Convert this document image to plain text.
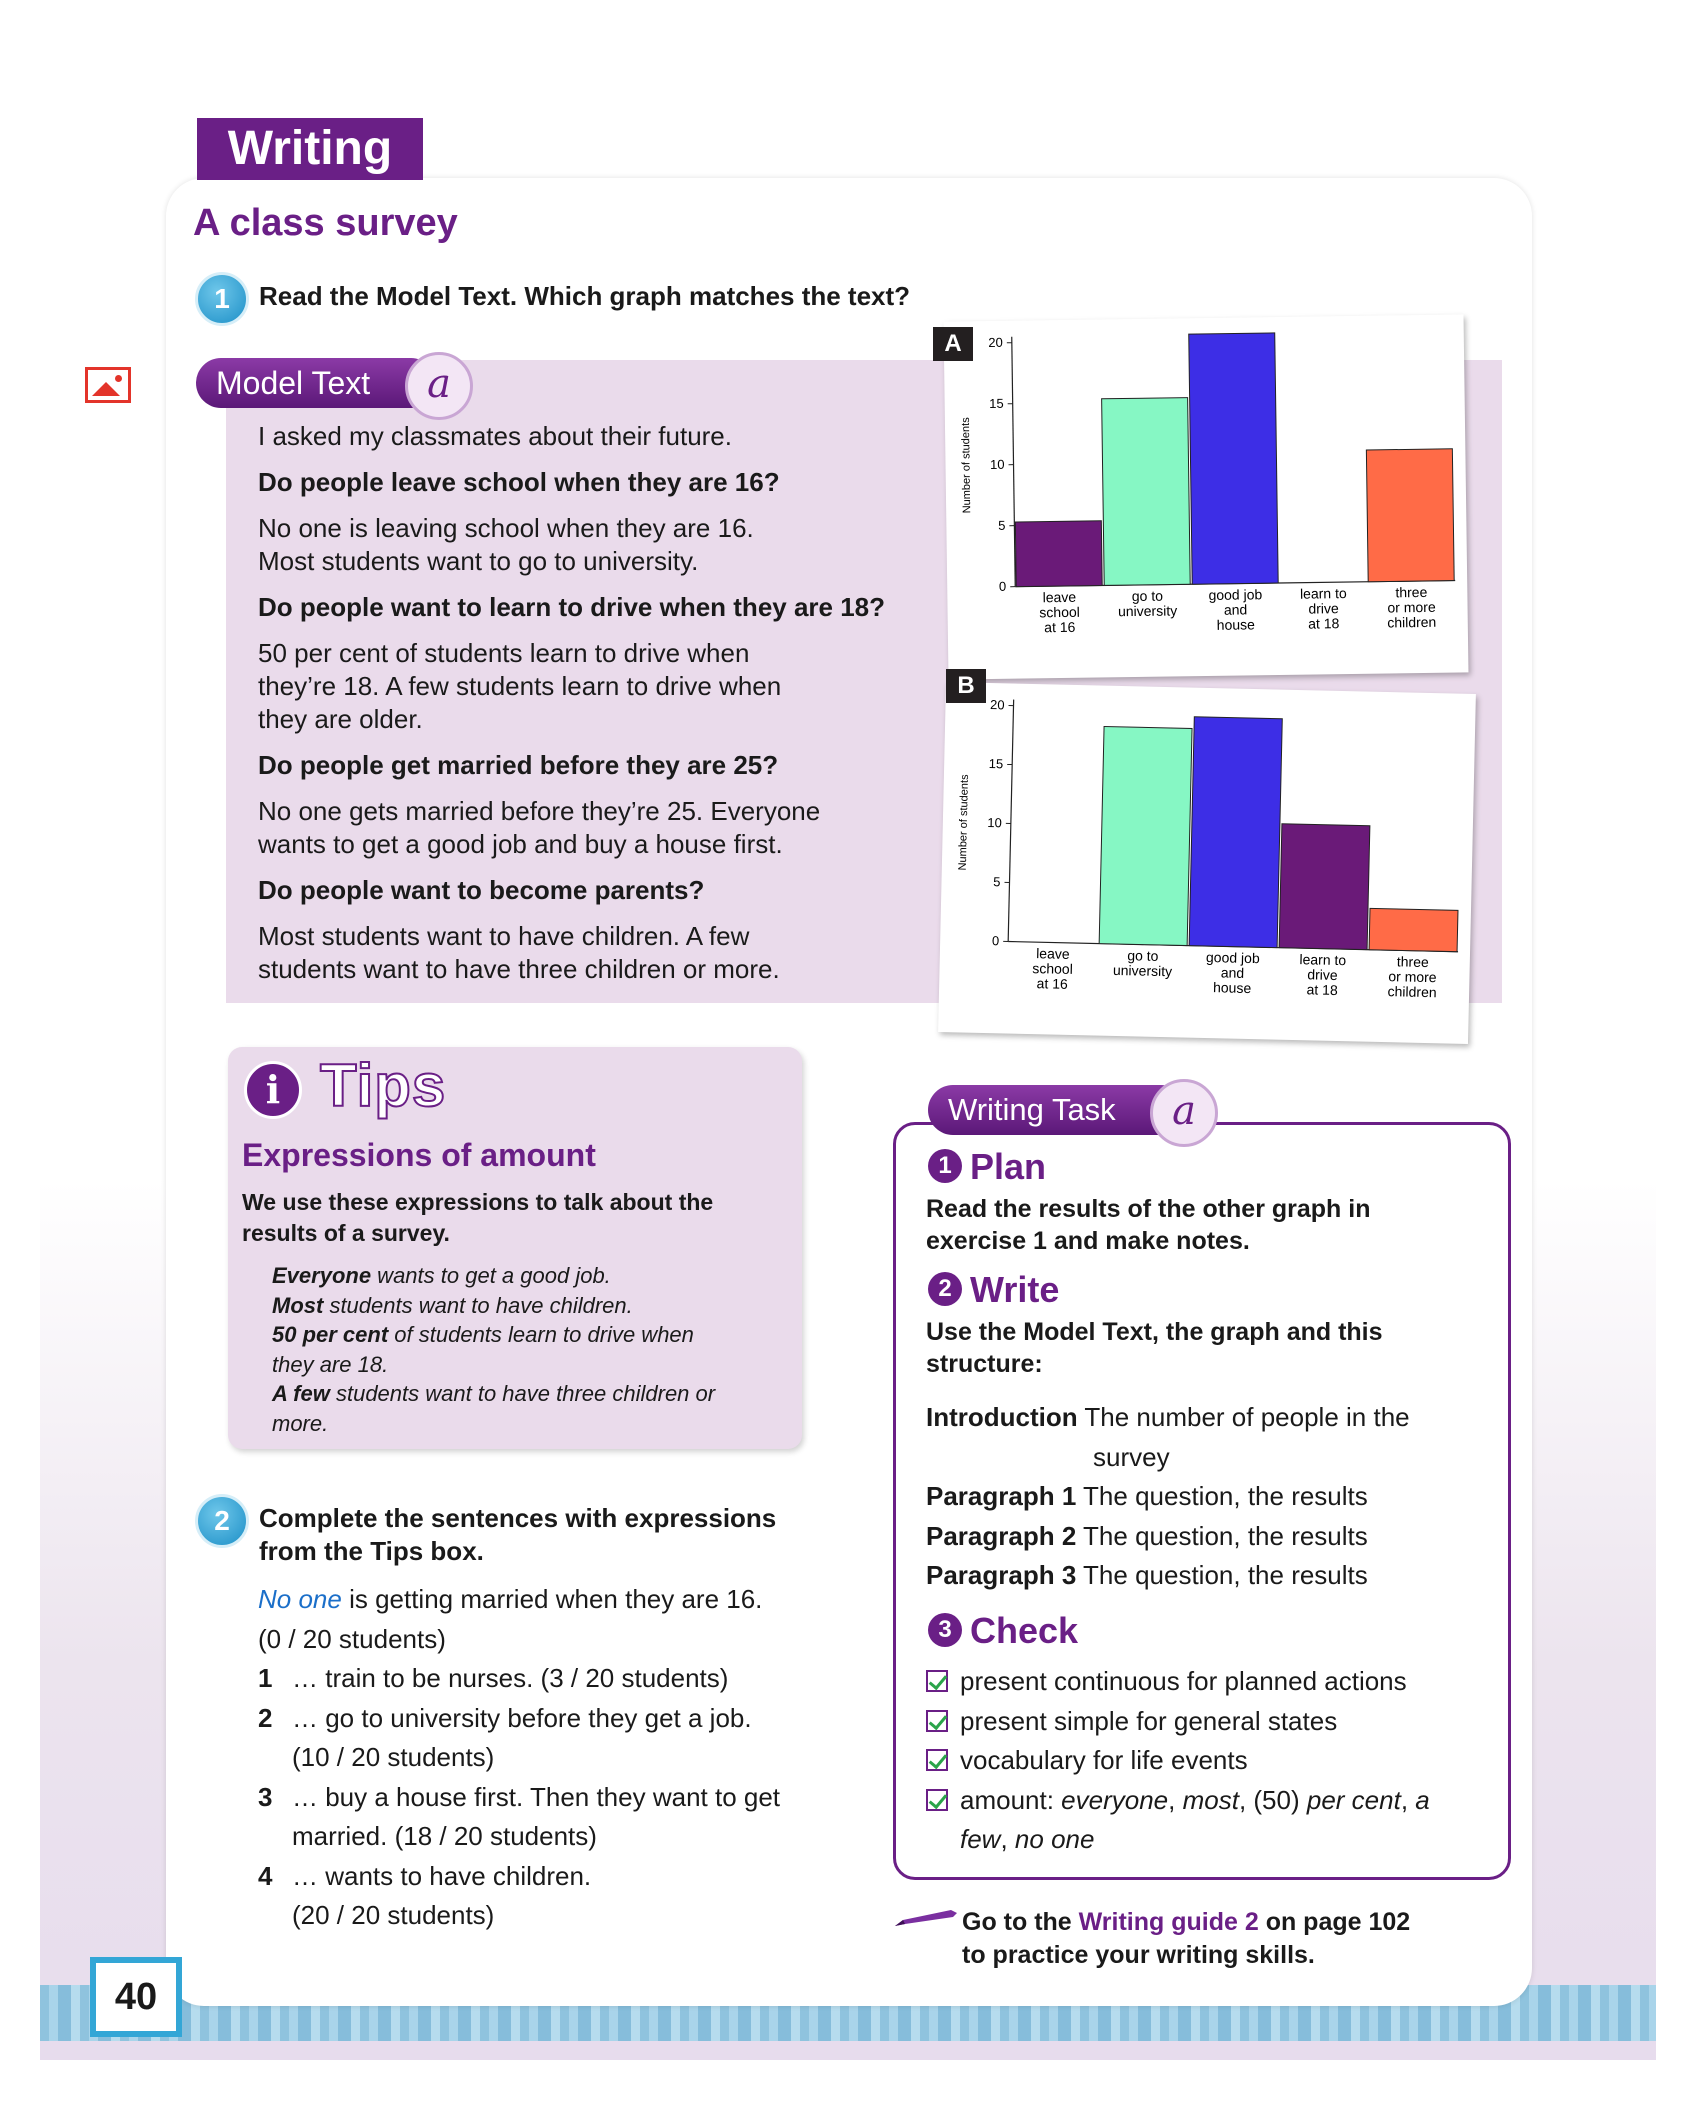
Writing
A class survey
1	Read the Model Text. Which graph matches the text?
Model Text	a

I asked my classmates about their future.

Do people leave school when they are 16?

No one is leaving school when they are 16.
Most students want to go to university.

Do people want to learn to drive when they are 18?

50 per cent of students learn to drive when
they’re 18. A few students learn to drive when
they are older.

Do people get married before they are 25?

No one gets married before they’re 25. Everyone
wants to get a good job and buy a house first.

Do people want to become parents?

Most students want to have children. A few
students want to have three children or more.

Number of students
0
5
10
15
20
leave
school
at 16
go to
university
good job
and
house
learn to
drive
at 18
three
or more
children
A
Number of students
0
5
10
15
20
leave
school
at 16
go to
university
good job
and
house
learn to
drive
at 18
three
or more
children
B
i Tips
Expressions of amount
We use these expressions to talk about the results of a survey.
Everyone wants to get a good job.
Most students want to have children.
50 per cent of students learn to drive when
they are 18.
A few students want to have three children or
more.
2	Complete the sentences with expressions
from the Tips box.
No one is getting married when they are 16.
(0 / 20 students)
1 … train to be nurses. (3 / 20 students)
2 … go to university before they get a job.
(10 / 20 students)
3 … buy a house first. Then they want to get
married. (18 / 20 students)
4 … wants to have children.
(20 / 20 students)
Writing Task	a
1 Plan
Read the results of the other graph in
exercise 1 and make notes.
2 Write
Use the Model Text, the graph and this
structure:
Introduction The number of people in the
survey
Paragraph 1 The question, the results
Paragraph 2 The question, the results
Paragraph 3 The question, the results
3 Check
present continuous for planned actions
present simple for general states
vocabulary for life events
amount: everyone, most, (50) per cent, a
few, no one
Go to the Writing guide 2 on page 102
to practice your writing skills.
40
